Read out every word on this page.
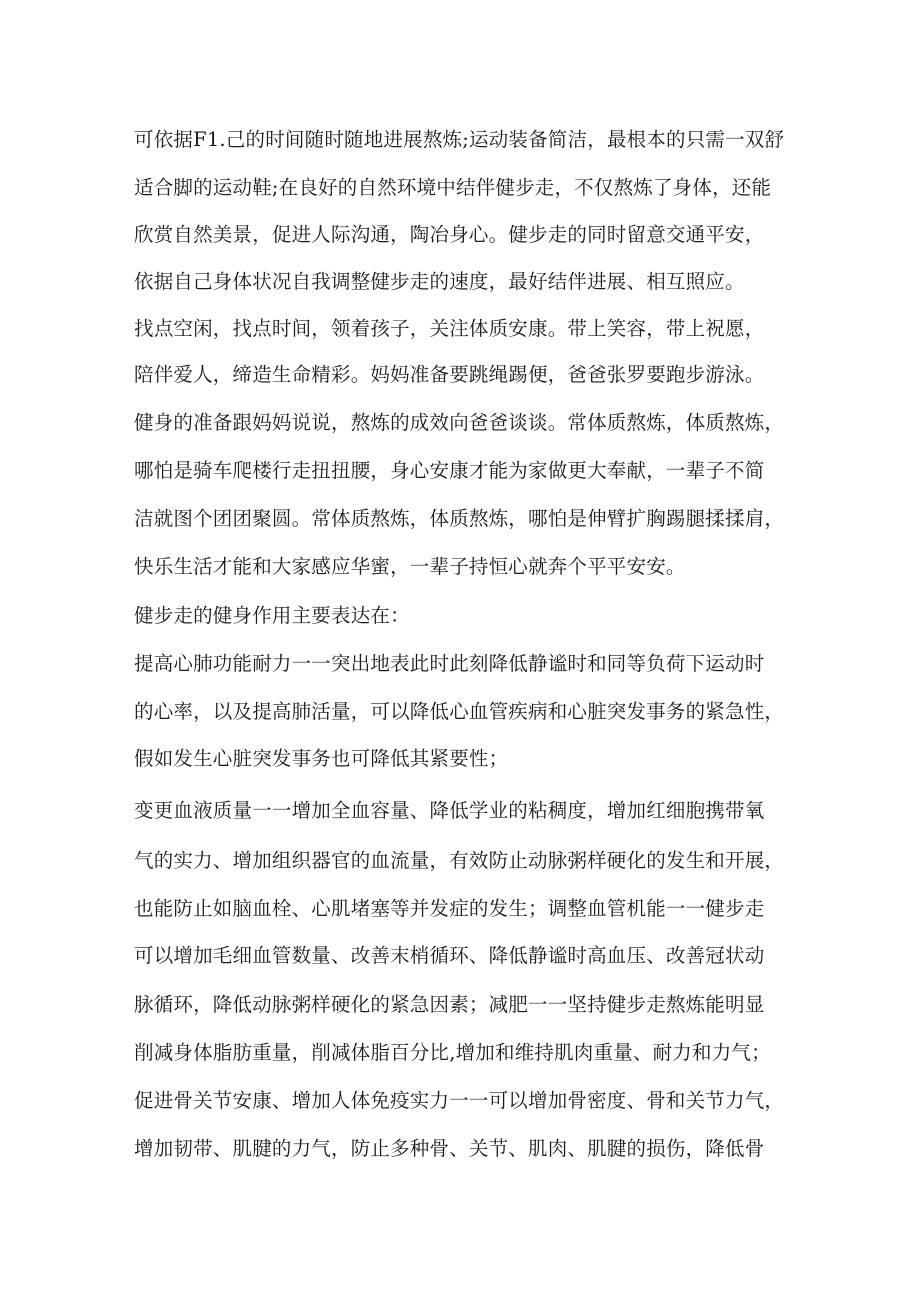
可依据F1.己的时间随时随地进展熬炼;运动装备简洁，最根本的只需一双舒
适合脚的运动鞋;在良好的自然环境中结伴健步走，不仅熬炼了身体，还能
欣赏自然美景，促进人际沟通，陶冶身心。健步走的同时留意交通平安，
依据自己身体状况自我调整健步走的速度，最好结伴进展、相互照应。
找点空闲，找点时间，领着孩子，关注体质安康。带上笑容，带上祝愿，
陪伴爱人，缔造生命精彩。妈妈准备要跳绳踢便，爸爸张罗要跑步游泳。
健身的准备跟妈妈说说，熬炼的成效向爸爸谈谈。常体质熬炼，体质熬炼，
哪怕是骑车爬楼行走扭扭腰，身心安康才能为家做更大奉献，一辈子不简
洁就图个团团聚圆。常体质熬炼，体质熬炼，哪怕是伸臂扩胸踢腿揉揉肩，
快乐生活才能和大家感应华蜜，一辈子持恒心就奔个平平安安。
健步走的健身作用主要表达在：
提高心肺功能耐力一一突出地表此时此刻降低静谧时和同等负荷下运动时
的心率，以及提高肺活量，可以降低心血管疾病和心脏突发事务的紧急性，
假如发生心脏突发事务也可降低其紧要性；
变更血液质量一一增加全血容量、降低学业的粘稠度，增加红细胞携带氧
气的实力、增加组织器官的血流量，有效防止动脉粥样硬化的发生和开展，
也能防止如脑血栓、心肌堵塞等并发症的发生；调整血管机能一一健步走
可以增加毛细血管数量、改善末梢循环、降低静谧时高血压、改善冠状动
脉循环，降低动脉粥样硬化的紧急因素；减肥一一坚持健步走熬炼能明显
削减身体脂肪重量，削减体脂百分比,增加和维持肌肉重量、耐力和力气；
促进骨关节安康、增加人体免疫实力一一可以增加骨密度、骨和关节力气，
增加韧带、肌腱的力气，防止多种骨、关节、肌肉、肌腱的损伤，降低骨
